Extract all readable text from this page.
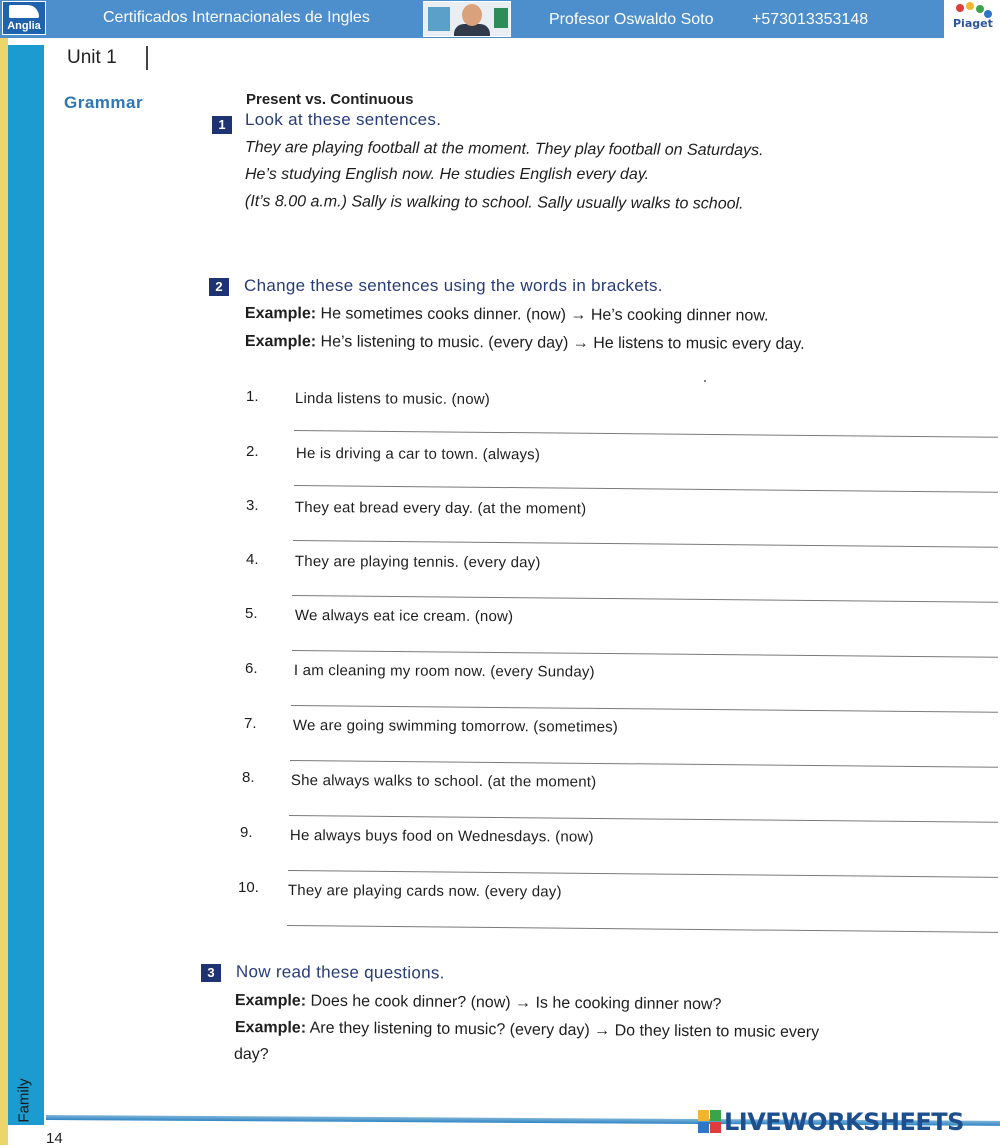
Anglia	Certificados Internacionales de Ingles	Profesor Oswaldo Soto +573013353148	Piaget
Family
Unit 1
Grammar	Present vs. Continuous
1	Look at these sentences.
They are playing football at the moment. They play football on Saturdays.
He’s studying English now. He studies English every day.
(It’s 8.00 a.m.) Sally is walking to school. Sally usually walks to school.
2	Change these sentences using the words in brackets.
Example: He sometimes cooks dinner. (now) → He’s cooking dinner now.
Example: He’s listening to music. (every day) → He listens to music every day.
1. Linda listens to music. (now)
2. He is driving a car to town. (always)
3. They eat bread every day. (at the moment)
4. They are playing tennis. (every day)
5. We always eat ice cream. (now)
6. I am cleaning my room now. (every Sunday)
7. We are going swimming tomorrow. (sometimes)
8. She always walks to school. (at the moment)
9. He always buys food on Wednesdays. (now)
10. They are playing cards now. (every day)
3	Now read these questions.
Example: Does he cook dinner? (now) → Is he cooking dinner now?
Example: Are they listening to music? (every day) → Do they listen to music every
day?
14
LIVEWORKSHEETS
